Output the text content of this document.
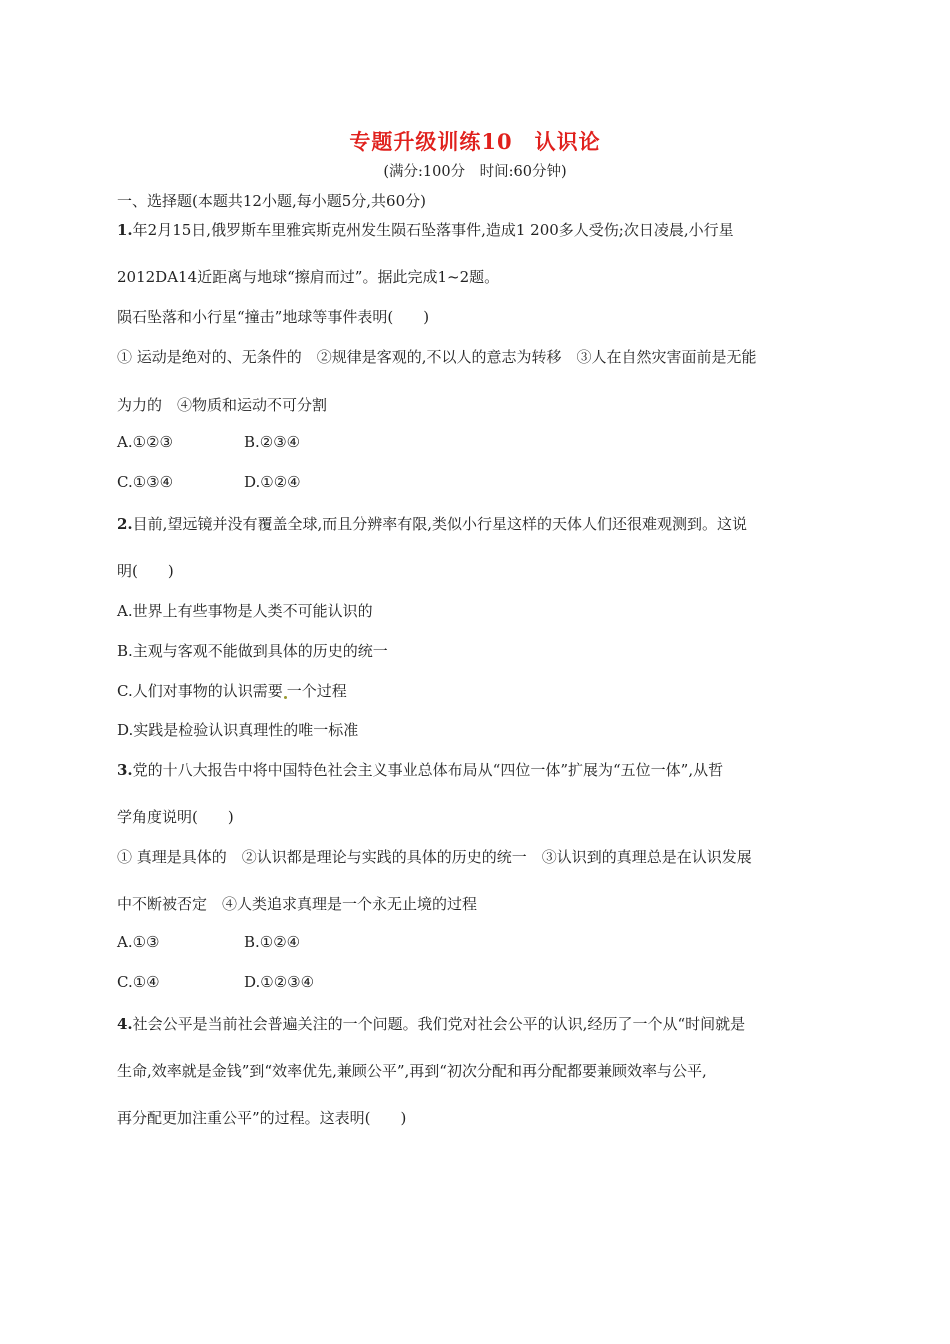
专题升级训练10　认识论
(满分:100分　时间:60分钟)
一、选择题(本题共12小题,每小题5分,共60分)
1.年2月15日,俄罗斯车里雅宾斯克州发生陨石坠落事件,造成1 200多人受伤;次日凌晨,小行星
2012DA14近距离与地球“擦肩而过”。据此完成1~2题。
陨石坠落和小行星“撞击”地球等事件表明(　　)
① 运动是绝对的、无条件的　②规律是客观的,不以人的意志为转移　③人在自然灾害面前是无能
为力的　④物质和运动不可分割
A.①②③	B.②③④
C.①③④	D.①②④
2.目前,望远镜并没有覆盖全球,而且分辨率有限,类似小行星这样的天体人们还很难观测到。这说
明(　　)
A.世界上有些事物是人类不可能认识的
B.主观与客观不能做到具体的历史的统一
C.人们对事物的认识需要 一个过程
D.实践是检验认识真理性的唯一标准
3.党的十八大报告中将中国特色社会主义事业总体布局从“四位一体”扩展为“五位一体”,从哲
学角度说明(　　)
① 真理是具体的　②认识都是理论与实践的具体的历史的统一　③认识到的真理总是在认识发展
中不断被否定　④人类追求真理是一个永无止境的过程
A.①③	B.①②④
C.①④	D.①②③④
4.社会公平是当前社会普遍关注的一个问题。我们党对社会公平的认识,经历了一个从“时间就是
生命,效率就是金钱”到“效率优先,兼顾公平”,再到“初次分配和再分配都要兼顾效率与公平,
再分配更加注重公平”的过程。这表明(　　)
